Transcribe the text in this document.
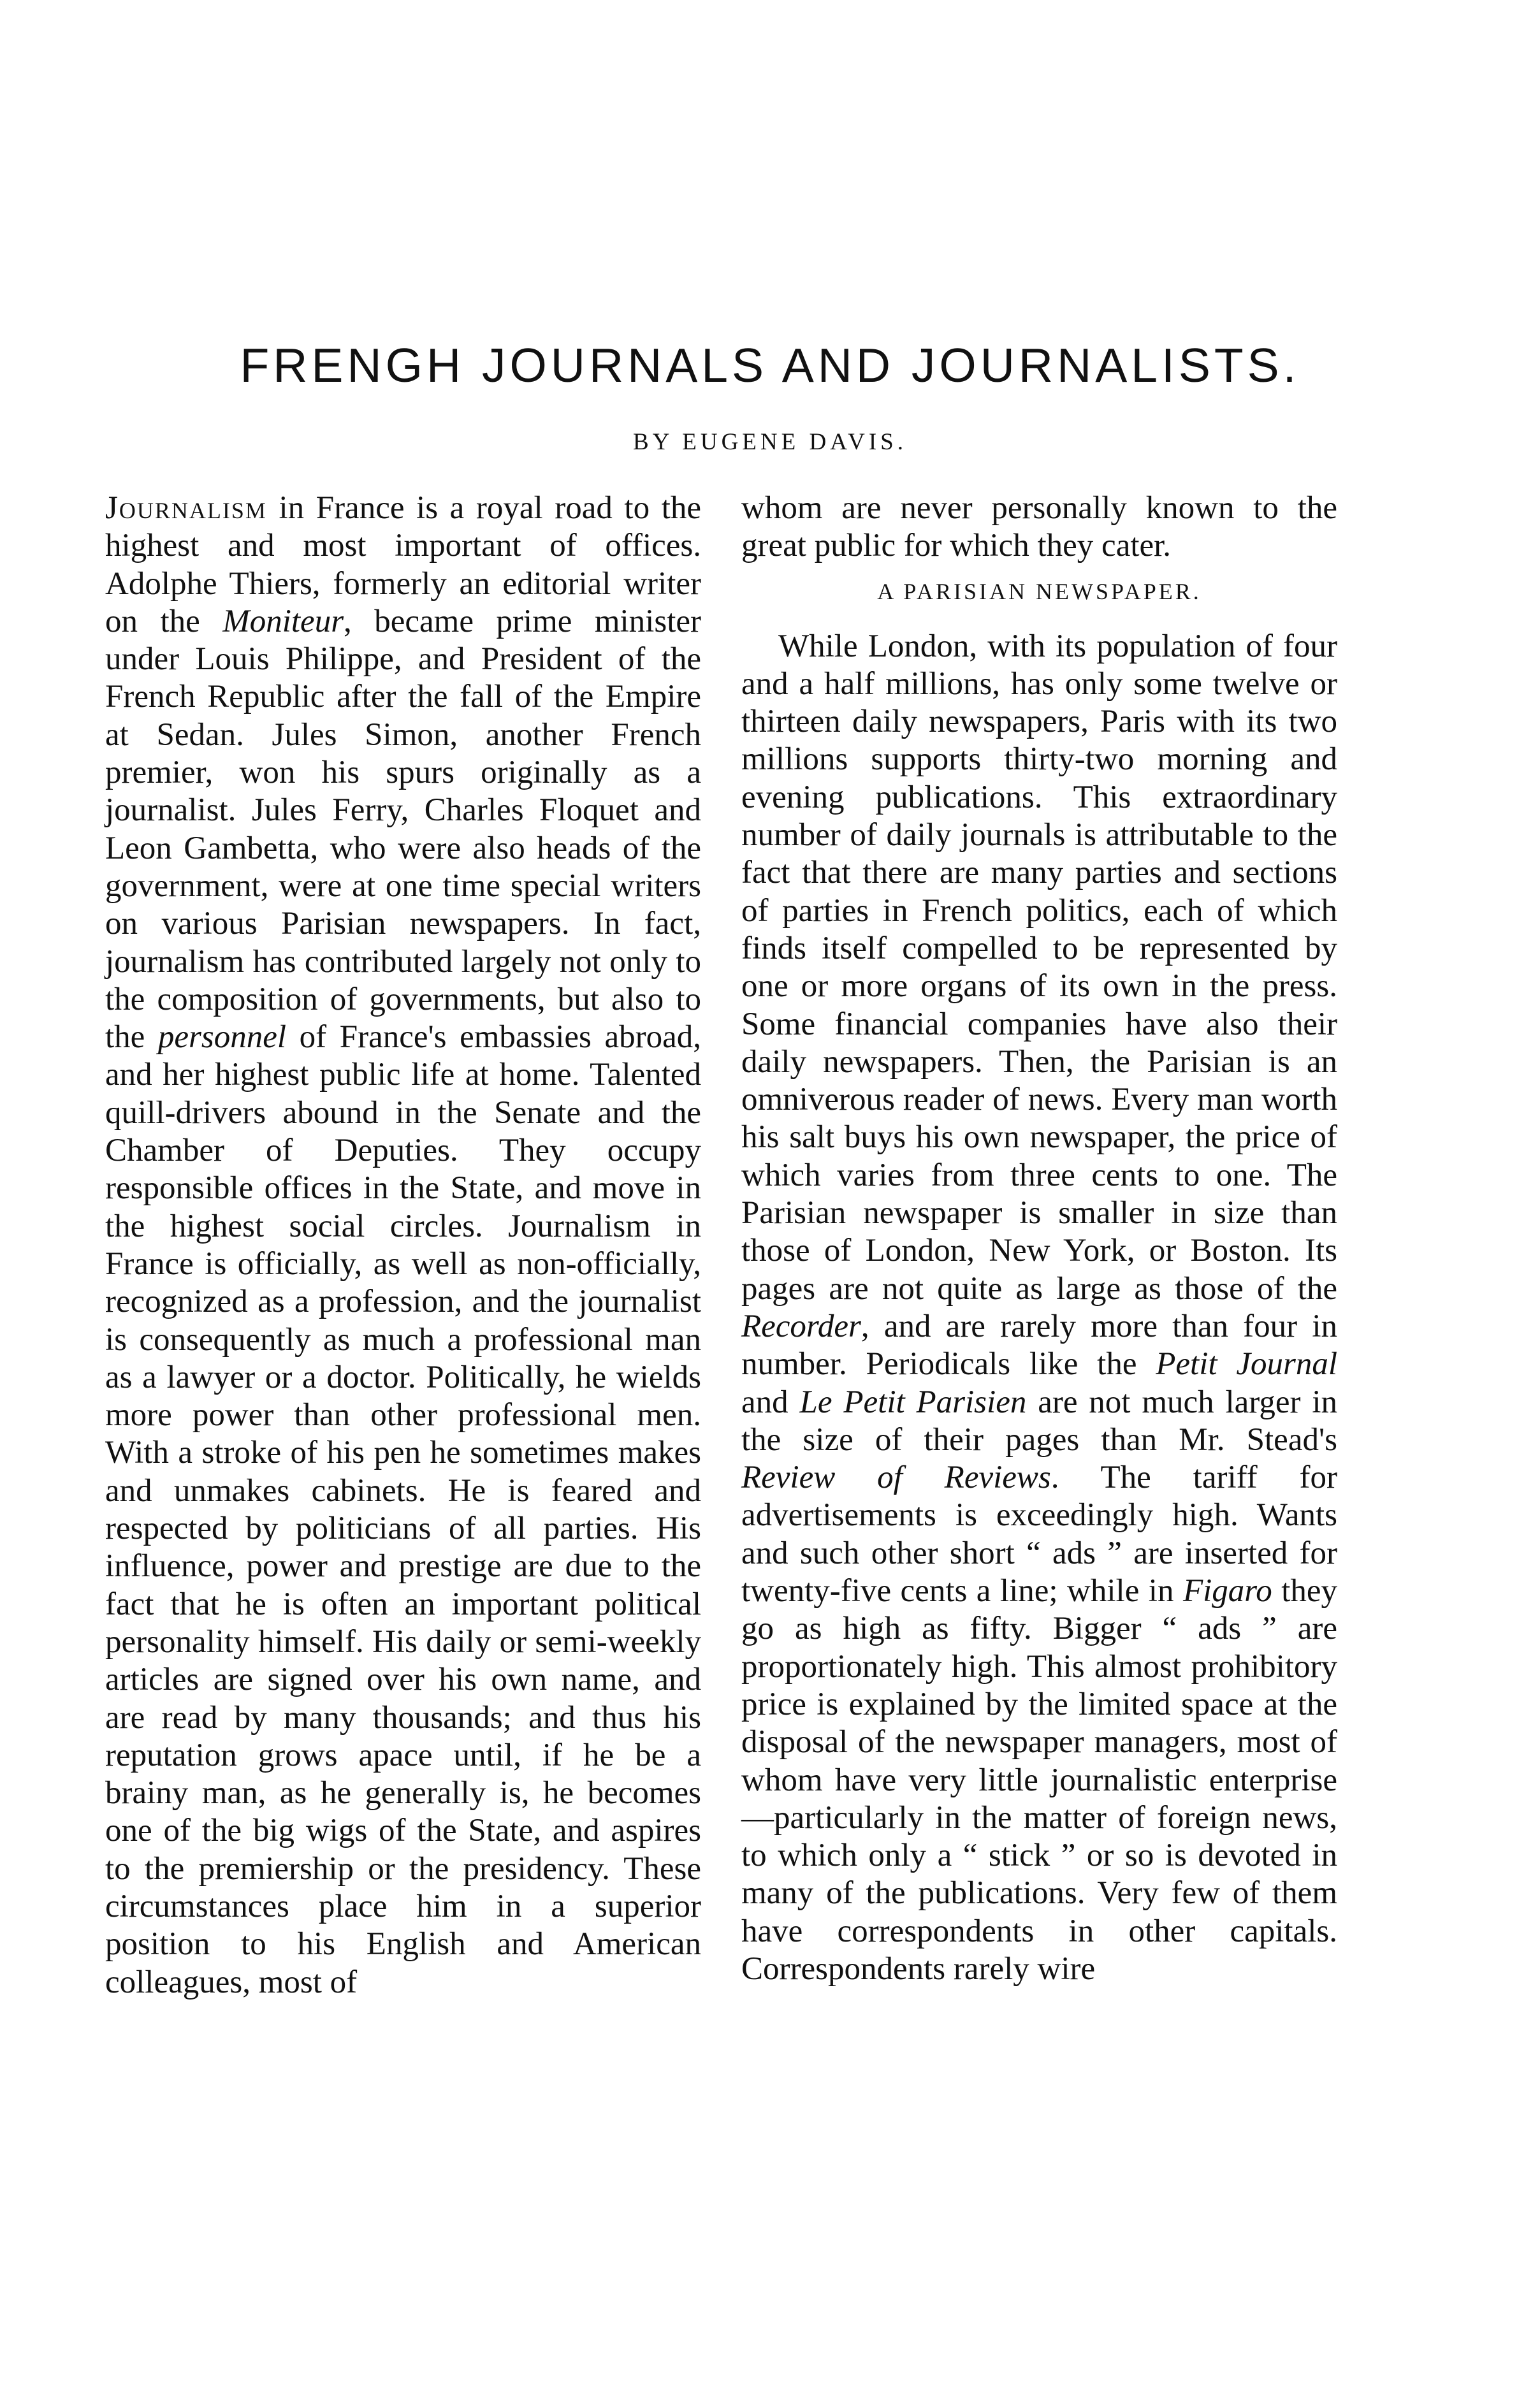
FRENGH JOURNALS AND JOURNALISTS.
BY EUGENE DAVIS.

Journalism in France is a royal road to the highest and most important of offices. Adolphe Thiers, formerly an editorial writer on the Moniteur, became prime minister under Louis Philippe, and President of the French Republic after the fall of the Empire at Sedan. Jules Simon, another French premier, won his spurs originally as a journalist. Jules Ferry, Charles Floquet and Leon Gambetta, who were also heads of the government, were at one time special writers on various Parisian newspapers. In fact, journalism has contributed largely not only to the composition of governments, but also to the personnel of France's embassies abroad, and her highest public life at home. Talented quill-drivers abound in the Senate and the Chamber of Deputies. They occupy responsible offices in the State, and move in the highest social circles. Journalism in France is officially, as well as non-officially, recognized as a profession, and the journalist is consequently as much a professional man as a lawyer or a doctor. Politically, he wields more power than other professional men. With a stroke of his pen he sometimes makes and unmakes cabinets. He is feared and respected by politicians of all parties. His influence, power and prestige are due to the fact that he is often an important political personality himself. His daily or semi-weekly articles are signed over his own name, and are read by many thousands; and thus his reputation grows apace until, if he be a brainy man, as he generally is, he becomes one of the big wigs of the State, and aspires to the premiership or the presidency. These circumstances place him in a superior position to his English and American colleagues, most of

whom are never personally known to the great public for which they cater.

A PARISIAN NEWSPAPER.

While London, with its population of four and a half millions, has only some twelve or thirteen daily newspapers, Paris with its two millions supports thirty-two morning and evening publications. This extraordinary number of daily journals is attributable to the fact that there are many parties and sections of parties in French politics, each of which finds itself compelled to be represented by one or more organs of its own in the press. Some financial companies have also their daily newspapers. Then, the Parisian is an omniverous reader of news. Every man worth his salt buys his own newspaper, the price of which varies from three cents to one. The Parisian newspaper is smaller in size than those of London, New York, or Boston. Its pages are not quite as large as those of the Recorder, and are rarely more than four in number. Periodicals like the Petit Journal and Le Petit Parisien are not much larger in the size of their pages than Mr. Stead's Review of Reviews. The tariff for advertisements is exceedingly high. Wants and such other short “ ads ” are inserted for twenty-five cents a line; while in Figaro they go as high as fifty. Bigger “ ads ” are proportionately high. This almost prohibitory price is explained by the limited space at the disposal of the newspaper managers, most of whom have very little journalistic enterprise—particularly in the matter of foreign news, to which only a “ stick ” or so is devoted in many of the publications. Very few of them have correspondents in other capitals. Correspondents rarely wire
